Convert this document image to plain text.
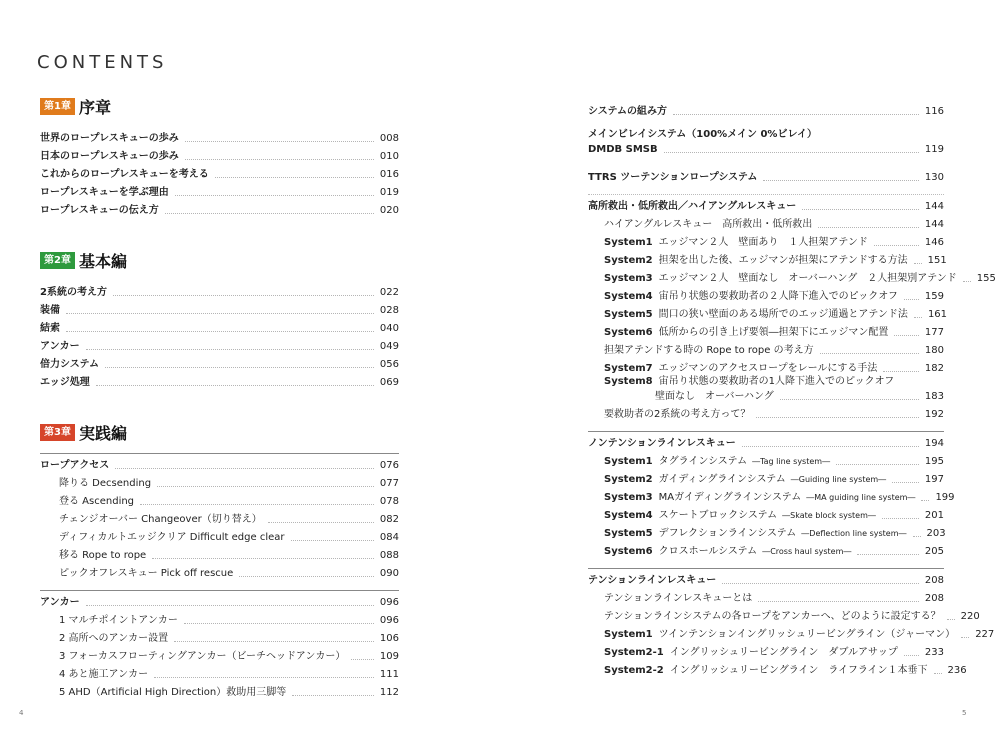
CONTENTS
第1章 序章
世界のロープレスキューの歩み	008
日本のロープレスキューの歩み	010
これからのロープレスキューを考える	016
ロープレスキューを学ぶ理由	019
ロープレスキューの伝え方	020
第2章 基本編
2系統の考え方	022
装備	028
結索	040
アンカー	049
倍力システム	056
エッジ処理	069
第3章 実践編
ロープアクセス	076
降りる Decsending	077
登る Ascending	078
チェンジオーバー Changeover（切り替え）	082
ディフィカルトエッジクリア Difficult edge clear	084
移る Rope to rope	088
ピックオフレスキュー Pick off rescue	090
アンカー	096
1 マルチポイントアンカー	096
2 高所へのアンカー設置	106
3 フォーカスフローティングアンカー（ビーチヘッドアンカー）	109
4 あと施工アンカー	111
5 AHD（Artificial High Direction）救助用三脚等	112
システムの組み方	116
メインビレイシステム（100%メイン 0%ビレイ）
DMDB SMSB	119
TTRS ツーテンションロープシステム	130
高所救出・低所救出／ハイアングルレスキュー	144
ハイアングルレスキュー　高所救出・低所救出	144
System1 エッジマン２人　壁面あり　１人担架アテンド	146
System2 担架を出した後、エッジマンが担架にアテンドする方法 151
System3 エッジマン２人　壁面なし　オーバーハング　２人担架別アテンド 155
System4 宙吊り状態の要救助者の２人降下進入でのピックオフ	159
System5 間口の狭い壁面のある場所でのエッジ通過とアテンド法 161
System6 低所からの引き上げ要領―担架下にエッジマン配置	177
担架アテンドする時の Rope to rope の考え方	180
System7 エッジマンのアクセスロープをレールにする手法	182
System8 宙吊り状態の要救助者の1人降下進入でのピックオフ
壁面なし　オーバーハング	183
要救助者の2系統の考え方って？	192
ノンテンションラインレスキュー	194
System1 タグラインシステム ―Tag line system―	195
System2 ガイディングラインシステム ―Guiding line system―	197
System3 MAガイディングラインシステム ―MA guiding line system― 199
System4 スケートブロックシステム ―Skate block system―	201
System5 デフレクションラインシステム ―Deflection line system― 203
System6 クロスホールシステム ―Cross haul system―	205
テンションラインレスキュー	208
テンションラインレスキューとは	208
テンションラインシステムの各ロープをアンカーへ、どのように設定する？ 220
System1 ツインテンションイングリッシュリービングライン（ジャーマン） 227
System2-1 イングリッシュリービングライン　ダブルアサップ	233
System2-2 イングリッシュリービングライン　ライフライン１本垂下 236
4	5
